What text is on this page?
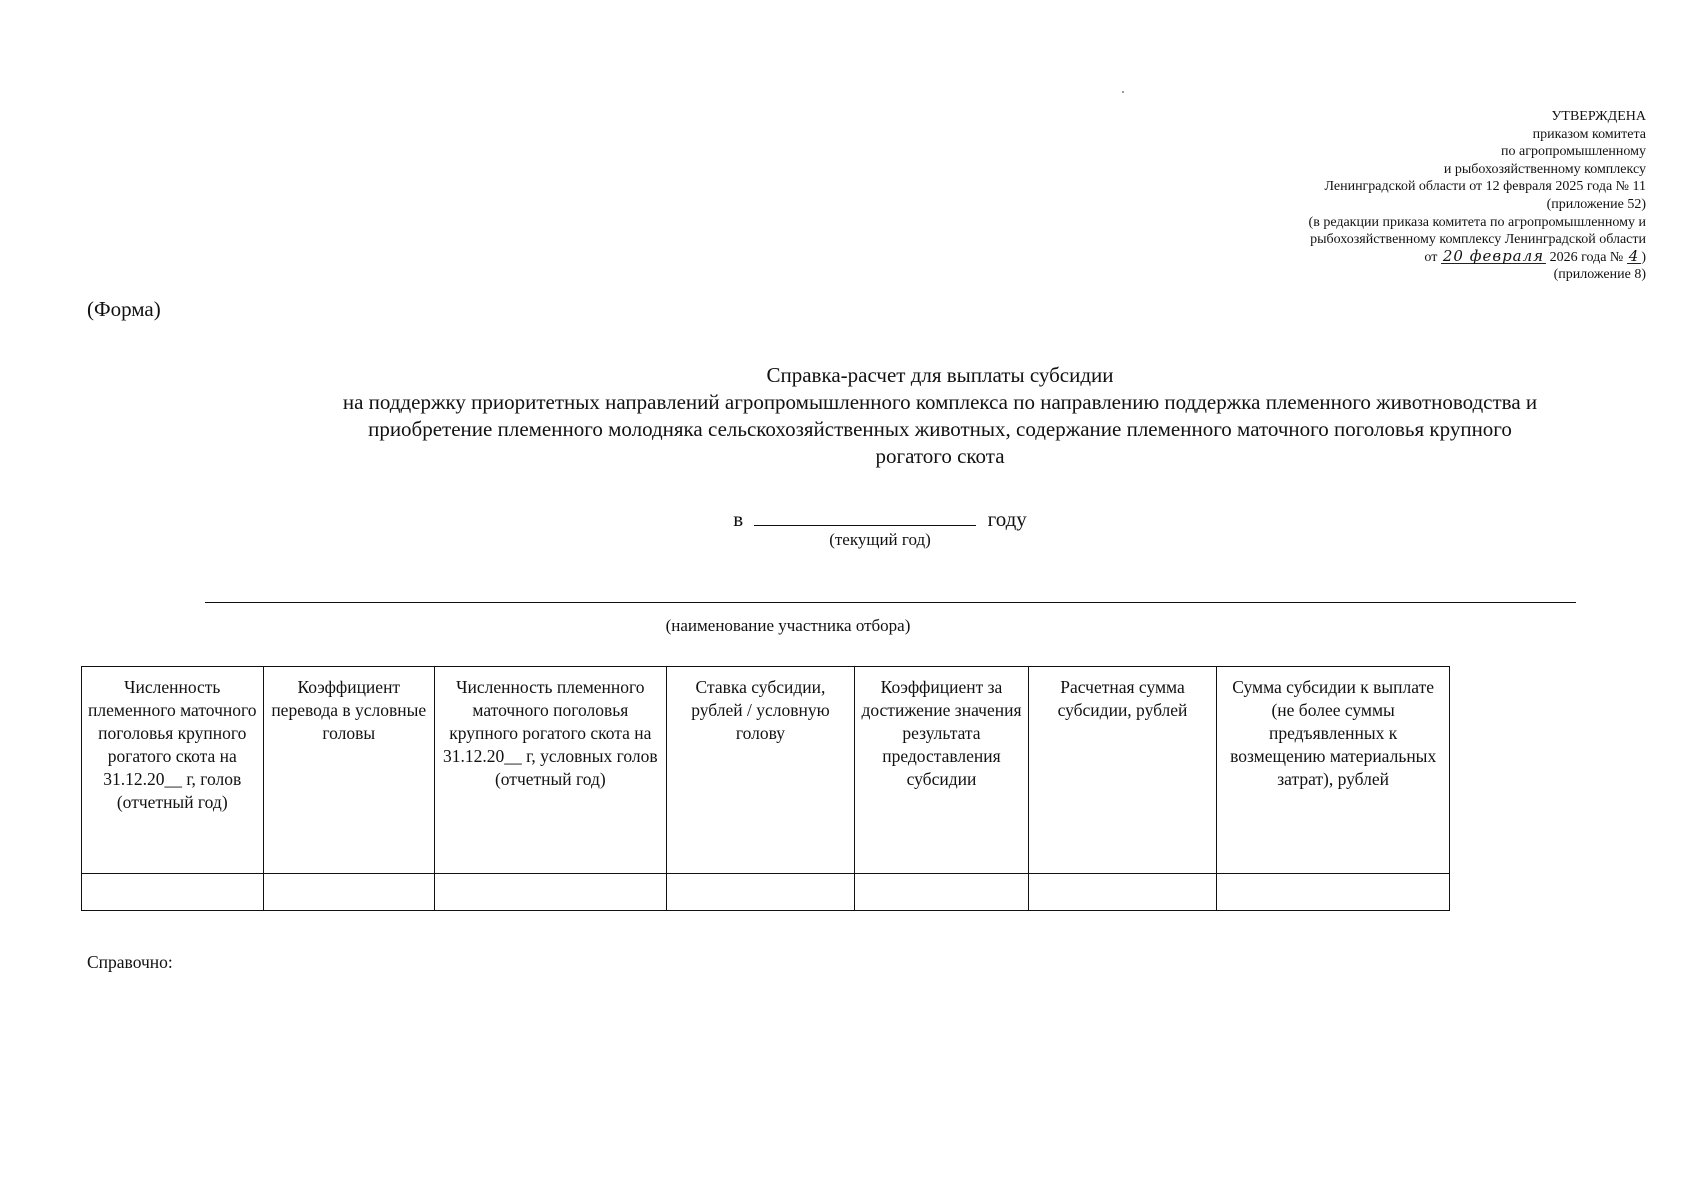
УТВЕРЖДЕНА
приказом комитета
по агропромышленному
и рыбохозяйственному комплексу
Ленинградской области от 12 февраля 2025 года № 11
(приложение 52)
(в редакции приказа комитета по агропромышленному и
рыбохозяйственному комплексу Ленинградской области
от 20 февраля 2026 года № 4 )
(приложение 8)
(Форма)
Справка-расчет для выплаты субсидии
на поддержку приоритетных направлений агропромышленного комплекса по направлению поддержка племенного животноводства и
приобретение племенного молодняка сельскохозяйственных животных, содержание племенного маточного поголовья крупного
рогатого скота
в	году
(текущий год)
(наименование участника отбора)
Численность племенного маточного поголовья крупного рогатого скота на 31.12.20__ г, голов (отчетный год)	Коэффициент перевода в условные головы	Численность племенного маточного поголовья крупного рогатого скота на 31.12.20__ г, условных голов (отчетный год)	Ставка субсидии, рублей / условную голову	Коэффициент за достижение значения результата предоставления субсидии	Расчетная сумма субсидии, рублей	Сумма субсидии к выплате (не более суммы предъявленных к возмещению материальных затрат), рублей

Справочно:
